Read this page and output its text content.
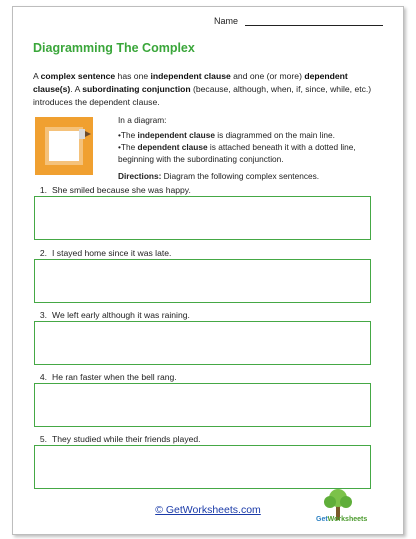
Name
Diagramming The Complex
A complex sentence has one independent clause and one (or more) dependent clause(s). A subordinating conjunction (because, although, when, if, since, while, etc.) introduces the dependent clause.

In a diagram:

•The independent clause is diagrammed on the main line.

•The dependent clause is attached beneath it with a dotted line, beginning with the subordinating conjunction.

Directions: Diagram the following complex sentences.

1. She smiled because she was happy.
2. I stayed home since it was late.
3. We left early although it was raining.
4. He ran faster when the bell rang.
5. They studied while their friends played.
© GetWorksheets.com
GetWorksheets
